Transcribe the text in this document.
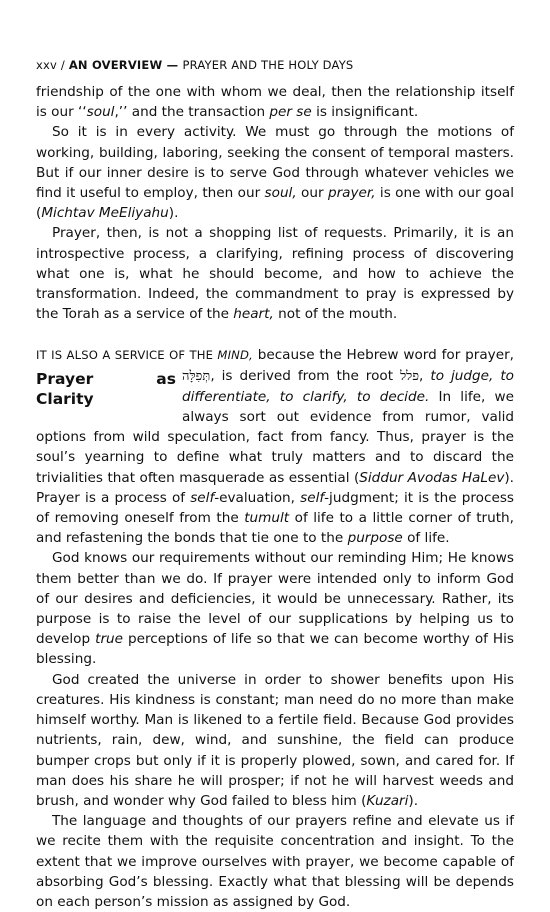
xxv / AN OVERVIEW — PRAYER AND THE HOLY DAYS

friendship of the one with whom we deal, then the relationship itself is our ‘‘soul,’’ and the transaction per se is insignificant.

So it is in every activity. We must go through the motions of working, building, laboring, seeking the consent of temporal masters. But if our inner desire is to serve God through whatever vehicles we find it useful to employ, then our soul, our prayer, is one with our goal (Michtav MeEliyahu).

Prayer, then, is not a shopping list of requests. Primarily, it is an introspective process, a clarifying, refining process of discovering what one is, what he should become, and how to achieve the transformation. Indeed, the commandment to pray is expressed by the Torah as a service of the heart, not of the mouth.

IT IS ALSO A SERVICE OF THE MIND, because the Hebrew word for prayer, תְּפִלָּה, is derived from the root פלל,
Prayer as Clarity
to judge, to differentiate, to clarify, to decide. In life, we always sort out evidence from rumor, valid options from wild speculation, fact from fancy. Thus, prayer is the soul’s yearning to define what truly matters and to discard the trivialities that often masquerade as essential (Siddur Avodas HaLev). Prayer is a process of self-evaluation, self-judgment; it is the process of removing oneself from the tumult of life to a little corner of truth, and refastening the bonds that tie one to the purpose of life.

God knows our requirements without our reminding Him; He knows them better than we do. If prayer were intended only to inform God of our desires and deficiencies, it would be unnecessary. Rather, its purpose is to raise the level of our supplications by helping us to develop true perceptions of life so that we can become worthy of His blessing.

God created the universe in order to shower benefits upon His creatures. His kindness is constant; man need do no more than make himself worthy. Man is likened to a fertile field. Because God provides nutrients, rain, dew, wind, and sunshine, the field can produce bumper crops but only if it is properly plowed, sown, and cared for. If man does his share he will prosper; if not he will harvest weeds and brush, and wonder why God failed to bless him (Kuzari).

The language and thoughts of our prayers refine and elevate us if we recite them with the requisite concentration and insight. To the extent that we improve ourselves with prayer, we become capable of absorbing God’s blessing. Exactly what that blessing will be depends on each person’s mission as assigned by God.
